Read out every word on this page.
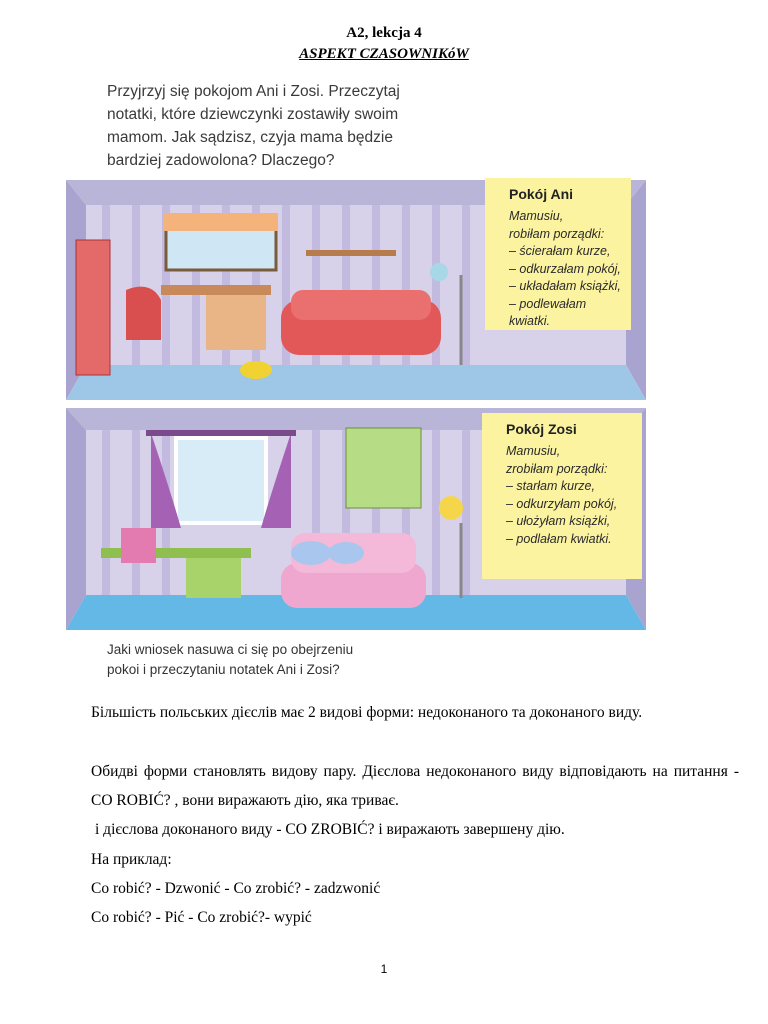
A2, lekcja 4
ASPEKT CZASOWNIKóW
Przyjrzyj się pokojom Ani i Zosi. Przeczytaj
notatki, które dziewczynki zostawiły swoim
mamom. Jak sądzisz, czyja mama będzie
bardziej zadowolona? Dlaczego?
Pokój Ani
Mamusiu,
robiłam porządki:
– ścierałam kurze,
– odkurzałam pokój,
– układałam książki,
– podlewałam kwiatki.
Pokój Zosi
Mamusiu,
zrobiłam porządki:
– starłam kurze,
– odkurzyłam pokój,
– ułożyłam książki,
– podlałam kwiatki.
Jaki wniosek nasuwa ci się po obejrzeniu
pokoi i przeczytaniu notatek Ani i Zosi?
Більшість польських дієслів має 2 видові форми: недоконаного та доконаного виду.
Обидві форми становлять видову пару. Дієслова недоконаного виду відповідають на питання - CO ROBIĆ? , вони виражають дію, яка триває.
і дієслова доконаного виду - CO ZROBIĆ? і виражають завершену дію.
На приклад:
Co robić? - Dzwonić - Co zrobić? - zadzwonić
Co robić? - Pić - Co zrobić?- wypić
1
